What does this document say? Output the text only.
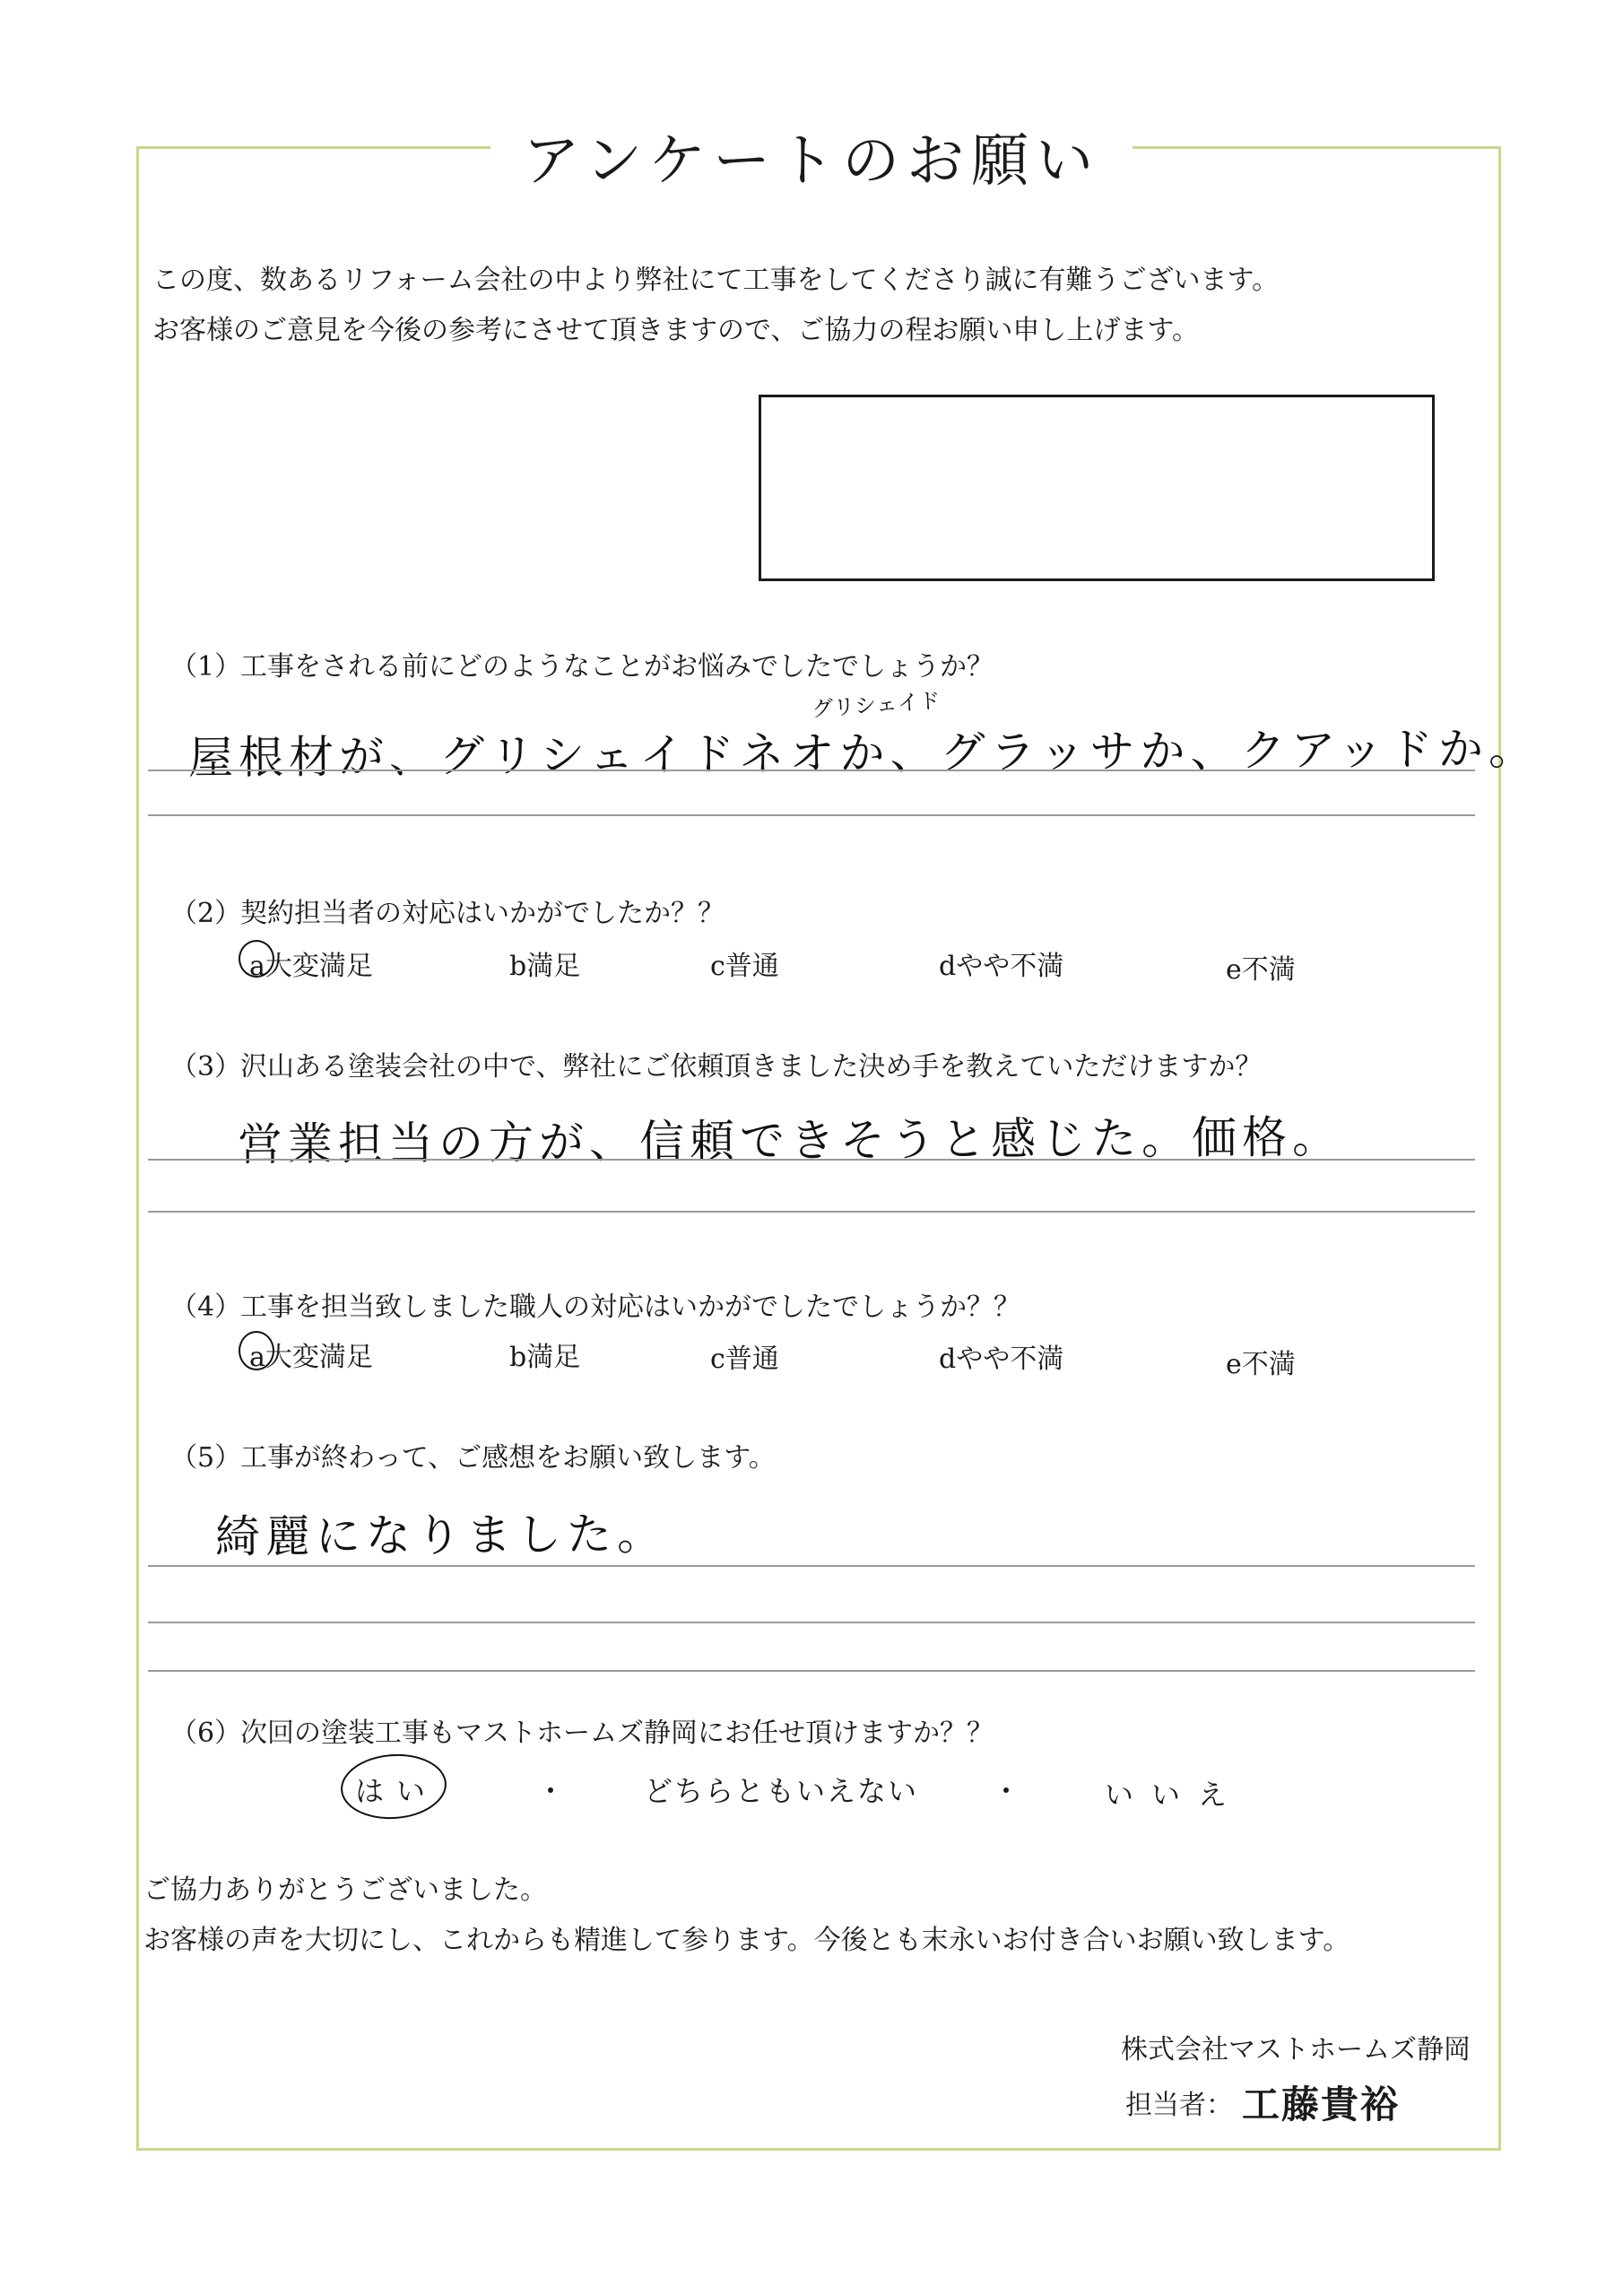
アンケートのお願い
この度、数あるリフォーム会社の中より弊社にて工事をしてくださり誠に有難うございます。
お客様のご意見を今後の参考にさせて頂きますので、ご協力の程お願い申し上げます。
（1）工事をされる前にどのようなことがお悩みでしたでしょうか？
グリシェイド
屋根材が、グリシェイドネオか、グラッサか、クアッドか。
（2）契約担当者の対応はいかがでしたか？？
a大変満足	b満足	c普通	dやや不満	e不満
（3）沢山ある塗装会社の中で、弊社にご依頼頂きました決め手を教えていただけますか？
営業担当の方が、信頼できそうと感じた。価格。
（4）工事を担当致しました職人の対応はいかがでしたでしょうか？？
a大変満足	b満足	c普通	dやや不満	e不満
（5）工事が終わって、ご感想をお願い致します。
綺麗になりました。
（6）次回の塗装工事もマストホームズ静岡にお任せ頂けますか？？
はい	・	どちらともいえない	・	いいえ
ご協力ありがとうございました。
お客様の声を大切にし、これからも精進して参ります。今後とも末永いお付き合いお願い致します。
株式会社マストホームズ静岡
担当者： 工藤貴裕
